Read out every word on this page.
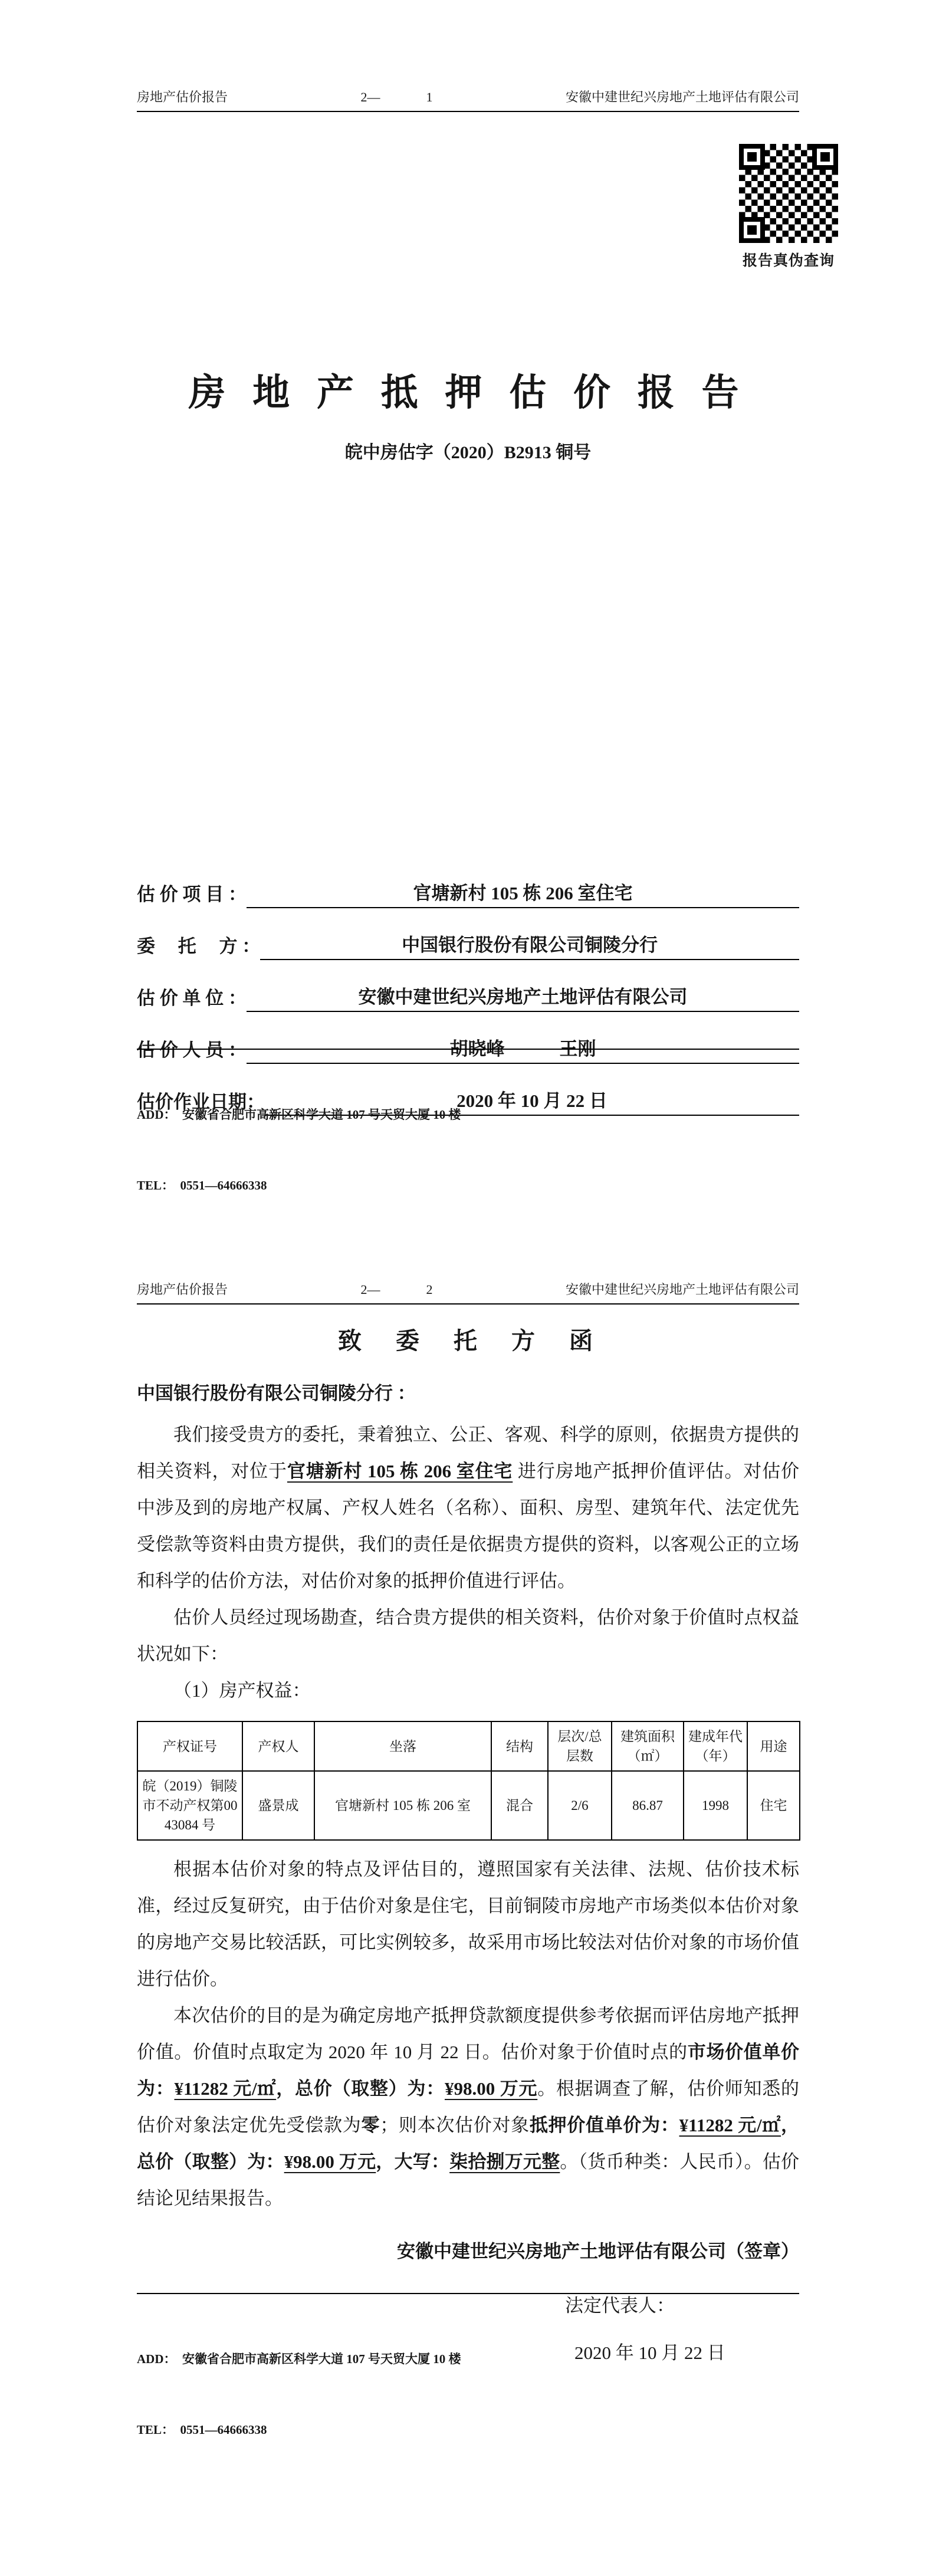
房地产估价报告	2—	1	安徽中建世纪兴房地产土地评估有限公司
报告真伪查询
房 地 产 抵 押 估 价 报 告
皖中房估字（2020）B2913 铜号
估 价 项 目 ：	官塘新村 105 栋 206 室住宅
委　 托　 方 ：	中国银行股份有限公司铜陵分行
估 价 单 位 ：	安徽中建世纪兴房地产土地评估有限公司
估 价 人 员 ：	胡晓峰　　　王刚
估价作业日期：	2020 年 10 月 22 日

ADD：  安徽省合肥市高新区科学大道 107 号天贸大厦 10 楼

TEL：  0551—64666338

房地产估价报告	2—	2	安徽中建世纪兴房地产土地评估有限公司
致　委　托　方　函
中国银行股份有限公司铜陵分行 ：

我们接受贵方的委托，秉着独立、公正、客观、科学的原则，依据贵方提供的相关资料，对位于官塘新村 105 栋 206 室住宅 进行房地产抵押价值评估。对估价中涉及到的房地产权属、产权人姓名（名称）、面积、房型、建筑年代、法定优先受偿款等资料由贵方提供，我们的责任是依据贵方提供的资料，以客观公正的立场和科学的估价方法，对估价对象的抵押价值进行评估。

估价人员经过现场勘查，结合贵方提供的相关资料，估价对象于价值时点权益状况如下：

（1）房产权益：

产权证号	产权人	坐落	结构	层次/总层数	建筑面积（㎡）	建成年代（年）	用途
皖（2019）铜陵市不动产权第0043084 号	盛景成	官塘新村 105 栋 206 室	混合	2/6	86.87	1998	住宅

根据本估价对象的特点及评估目的，遵照国家有关法律、法规、估价技术标准，经过反复研究，由于估价对象是住宅，目前铜陵市房地产市场类似本估价对象的房地产交易比较活跃，可比实例较多，故采用市场比较法对估价对象的市场价值进行估价。

本次估价的目的是为确定房地产抵押贷款额度提供参考依据而评估房地产抵押价值。价值时点取定为 2020 年 10 月 22 日。估价对象于价值时点的市场价值单价为：¥11282 元/㎡，总价（取整）为：¥98.00 万元。根据调查了解，估价师知悉的估价对象法定优先受偿款为零；则本次估价对象抵押价值单价为：¥11282 元/㎡，总价（取整）为：¥98.00 万元，大写：柒拾捌万元整。（货币种类：人民币）。估价结论见结果报告。

安徽中建世纪兴房地产土地评估有限公司（签章）
法定代表人：
2020 年 10 月 22 日

ADD：  安徽省合肥市高新区科学大道 107 号天贸大厦 10 楼

TEL：  0551—64666338
